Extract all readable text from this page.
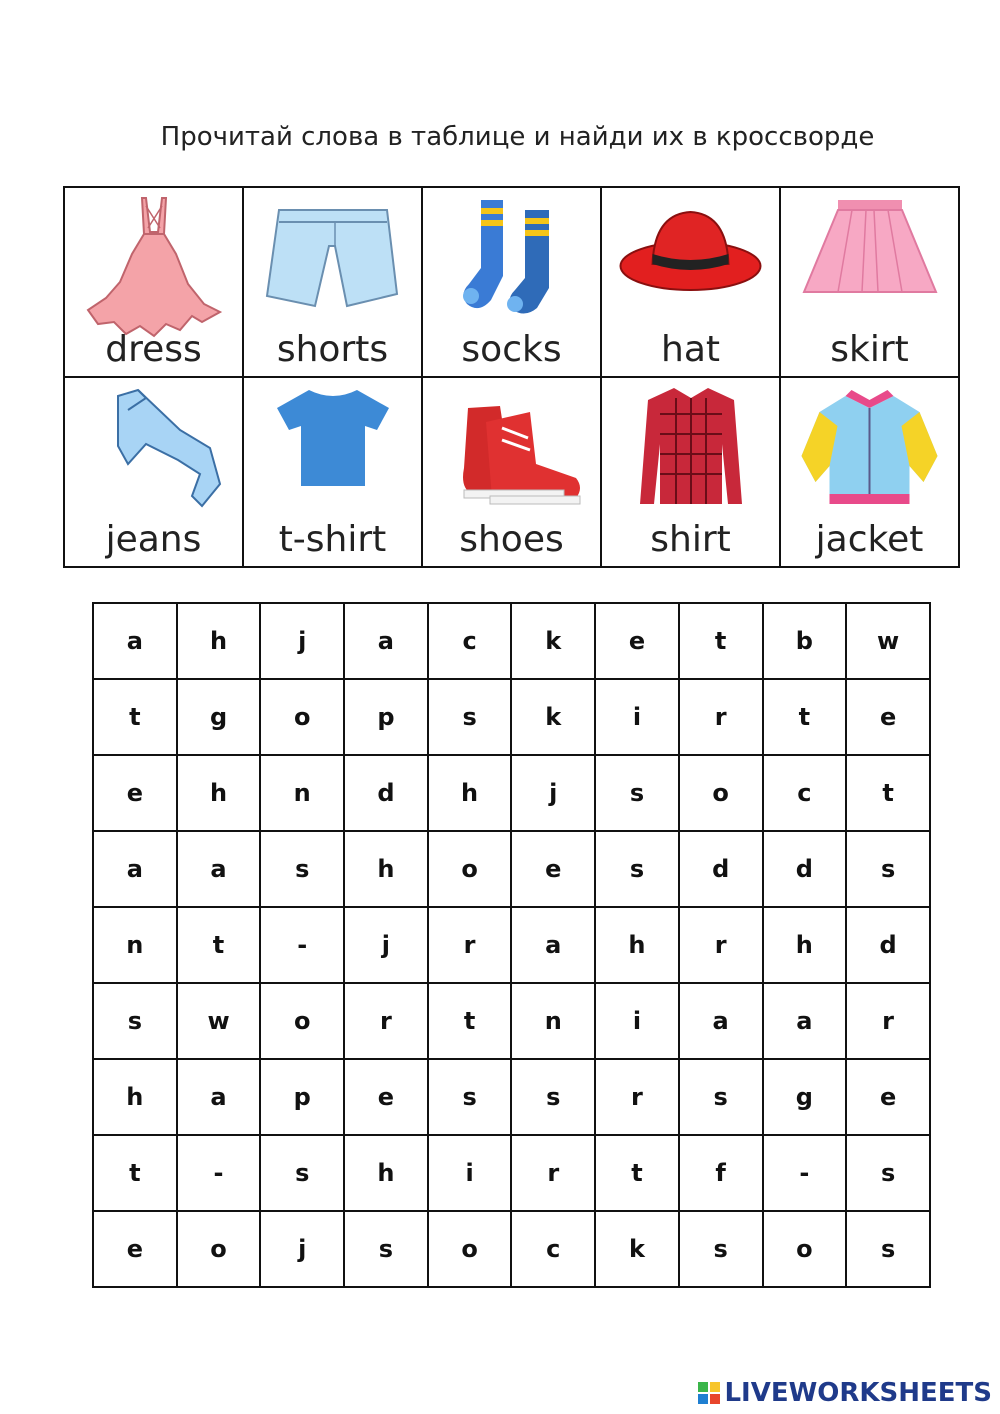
Прочитай слова в таблице и найди их в кроссворде
dress	shorts	socks	hat	skirt

jeans	t-shirt	shoes	shirt	jacket
a	h	j	a	c	k	e	t	b	w
t	g	o	p	s	k	i	r	t	e
e	h	n	d	h	j	s	o	c	t
a	a	s	h	o	e	s	d	d	s
n	t	-	j	r	a	h	r	h	d
s	w	o	r	t	n	i	a	a	r
h	a	p	e	s	s	r	s	g	e
t	-	s	h	i	r	t	f	-	s
e	o	j	s	o	c	k	s	o	s
LIVEWORKSHEETS
